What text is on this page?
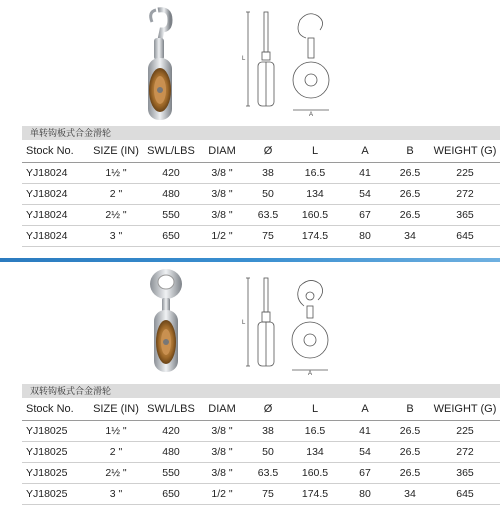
L
A
单转钩板式合金滑轮
Stock No.	SIZE (IN)	SWL/LBS	DIAM	Ø	L	A	B	WEIGHT (G)
YJ18024	1½ "	420	3/8 "	38	16.5	41	26.5	225
YJ18024	2 "	480	3/8 "	50	134	54	26.5	272
YJ18024	2½ "	550	3/8 "	63.5	160.5	67	26.5	365
YJ18024	3 "	650	1/2 "	75	174.5	80	34	645
L
A
双转钩板式合金滑轮
Stock No.	SIZE (IN)	SWL/LBS	DIAM	Ø	L	A	B	WEIGHT (G)
YJ18025	1½ "	420	3/8 "	38	16.5	41	26.5	225
YJ18025	2 "	480	3/8 "	50	134	54	26.5	272
YJ18025	2½ "	550	3/8 "	63.5	160.5	67	26.5	365
YJ18025	3 "	650	1/2 "	75	174.5	80	34	645
